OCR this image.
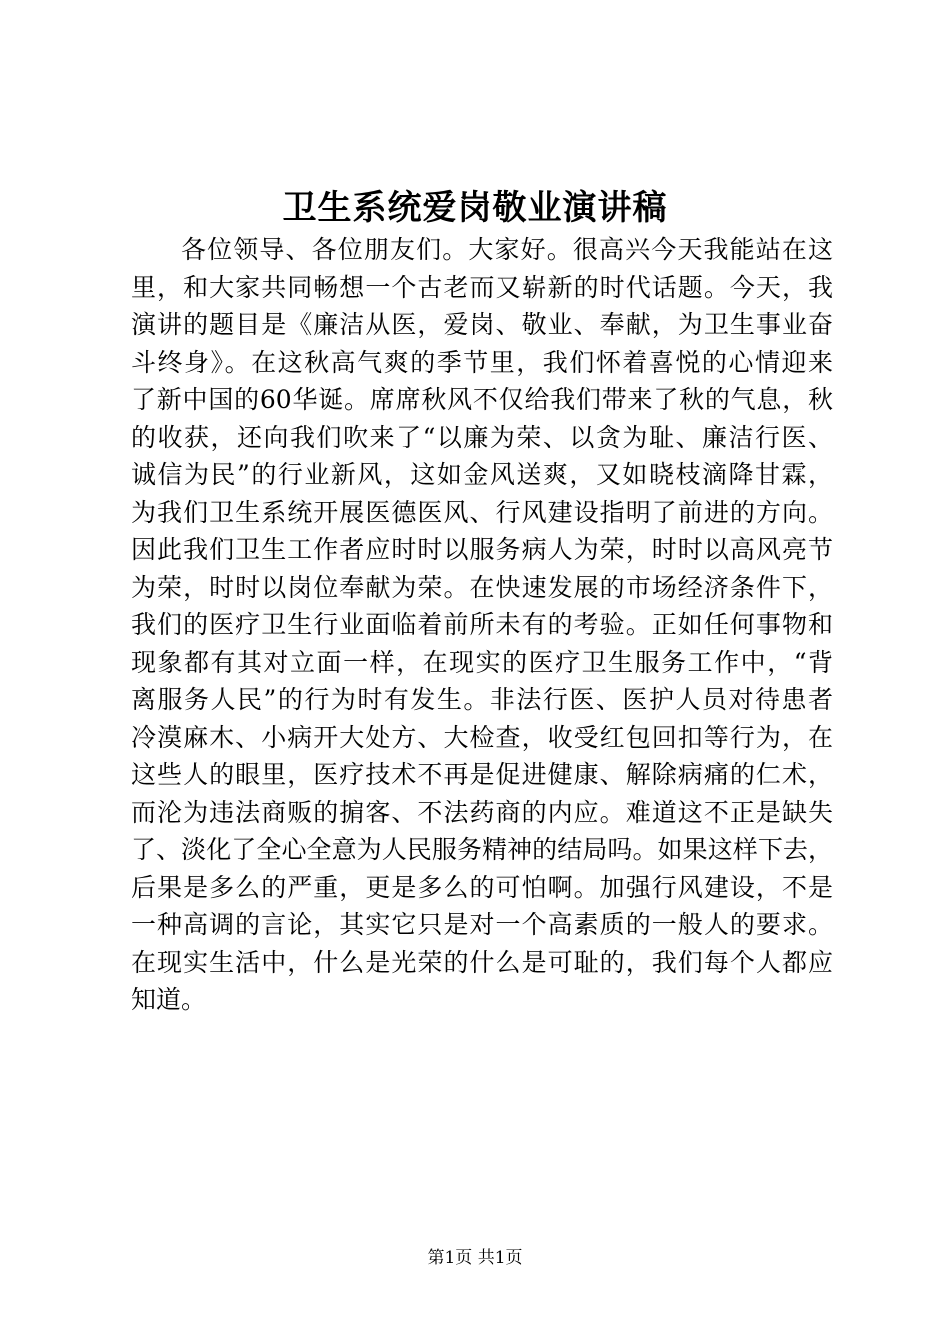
卫生系统爱岗敬业演讲稿
各位领导、各位朋友们。大家好。很高兴今天我能站在这
里，和大家共同畅想一个古老而又崭新的时代话题。今天，我
演讲的题目是《廉洁从医，爱岗、敬业、奉献，为卫生事业奋
斗终身》。在这秋高气爽的季节里，我们怀着喜悦的心情迎来
了新中国的60华诞。席席秋风不仅给我们带来了秋的气息，秋
的收获，还向我们吹来了“以廉为荣、以贪为耻、廉洁行医、
诚信为民”的行业新风，这如金风送爽，又如晓枝滴降甘霖，
为我们卫生系统开展医德医风、行风建设指明了前进的方向。
因此我们卫生工作者应时时以服务病人为荣，时时以高风亮节
为荣，时时以岗位奉献为荣。在快速发展的市场经济条件下，
我们的医疗卫生行业面临着前所未有的考验。正如任何事物和
现象都有其对立面一样，在现实的医疗卫生服务工作中，“背
离服务人民”的行为时有发生。非法行医、医护人员对待患者
冷漠麻木、小病开大处方、大检查，收受红包回扣等行为，在
这些人的眼里，医疗技术不再是促进健康、解除病痛的仁术，
而沦为违法商贩的掮客、不法药商的内应。难道这不正是缺失
了、淡化了全心全意为人民服务精神的结局吗。如果这样下去，
后果是多么的严重，更是多么的可怕啊。加强行风建设，不是
一种高调的言论，其实它只是对一个高素质的一般人的要求。
在现实生活中，什么是光荣的什么是可耻的，我们每个人都应
知道。
第1页 共1页
